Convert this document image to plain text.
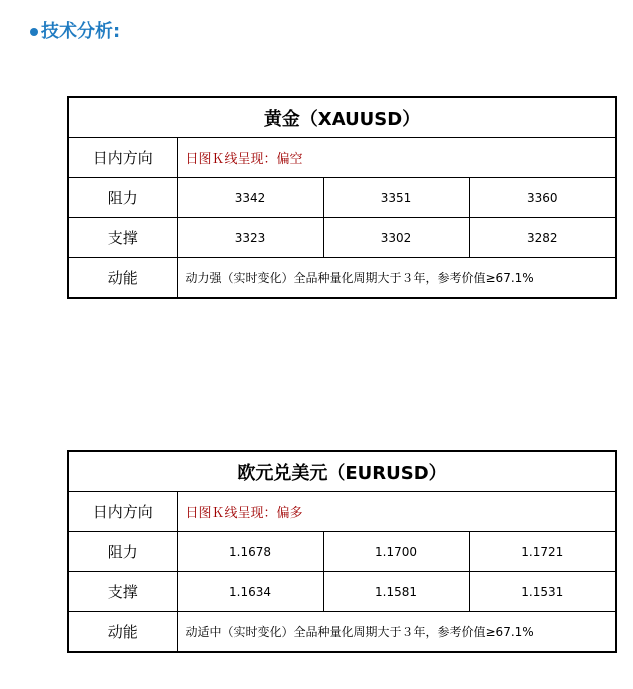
技术分析:
黄金（XAUUSD）			
日内方向	日图Ｋ线呈现：偏空		
阻力	3342	3351	3360
支撑	3323	3302	3282
动能	动力强（实时变化）全品种量化周期大于３年，参考价值≥67.1%		
欧元兑美元（EURUSD）			
日内方向	日图Ｋ线呈现：偏多		
阻力	1.1678	1.1700	1.1721
支撑	1.1634	1.1581	1.1531
动能	动适中（实时变化）全品种量化周期大于３年，参考价值≥67.1%		
